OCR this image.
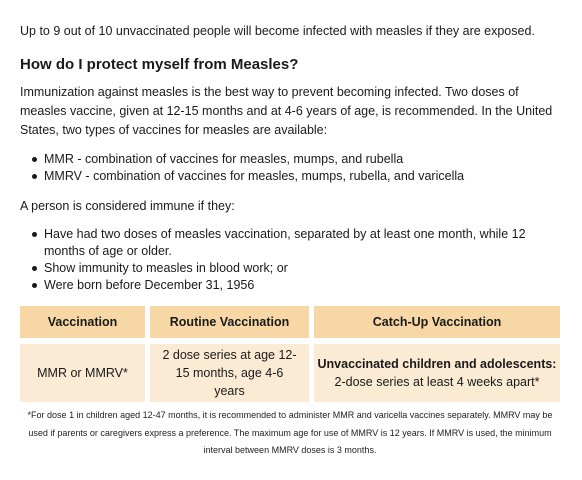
Up to 9 out of 10 unvaccinated people will become infected with measles if they are exposed.

How do I protect myself from Measles?

Immunization against measles is the best way to prevent becoming infected. Two doses of measles vaccine, given at 12-15 months and at 4-6 years of age, is recommended. In the United States, two types of vaccines for measles are available:

MMR - combination of vaccines for measles, mumps, and rubella
MMRV - combination of vaccines for measles, mumps, rubella, and varicella

A person is considered immune if they:

Have had two doses of measles vaccination, separated by at least one month, while 12 months of age or older.
Show immunity to measles in blood work; or
Were born before December 31, 1956
Vaccination	Routine Vaccination	Catch-Up Vaccination
MMR or MMRV*
2 dose series at age 12-15 months, age 4-6 years
Unvaccinated children and adolescents:
2-dose series at least 4 weeks apart*

*For dose 1 in children aged 12-47 months, it is recommended to administer MMR and varicella vaccines separately. MMRV may be used if parents or caregivers express a preference. The maximum age for use of MMRV is 12 years. If MMRV is used, the minimum interval between MMRV doses is 3 months.
